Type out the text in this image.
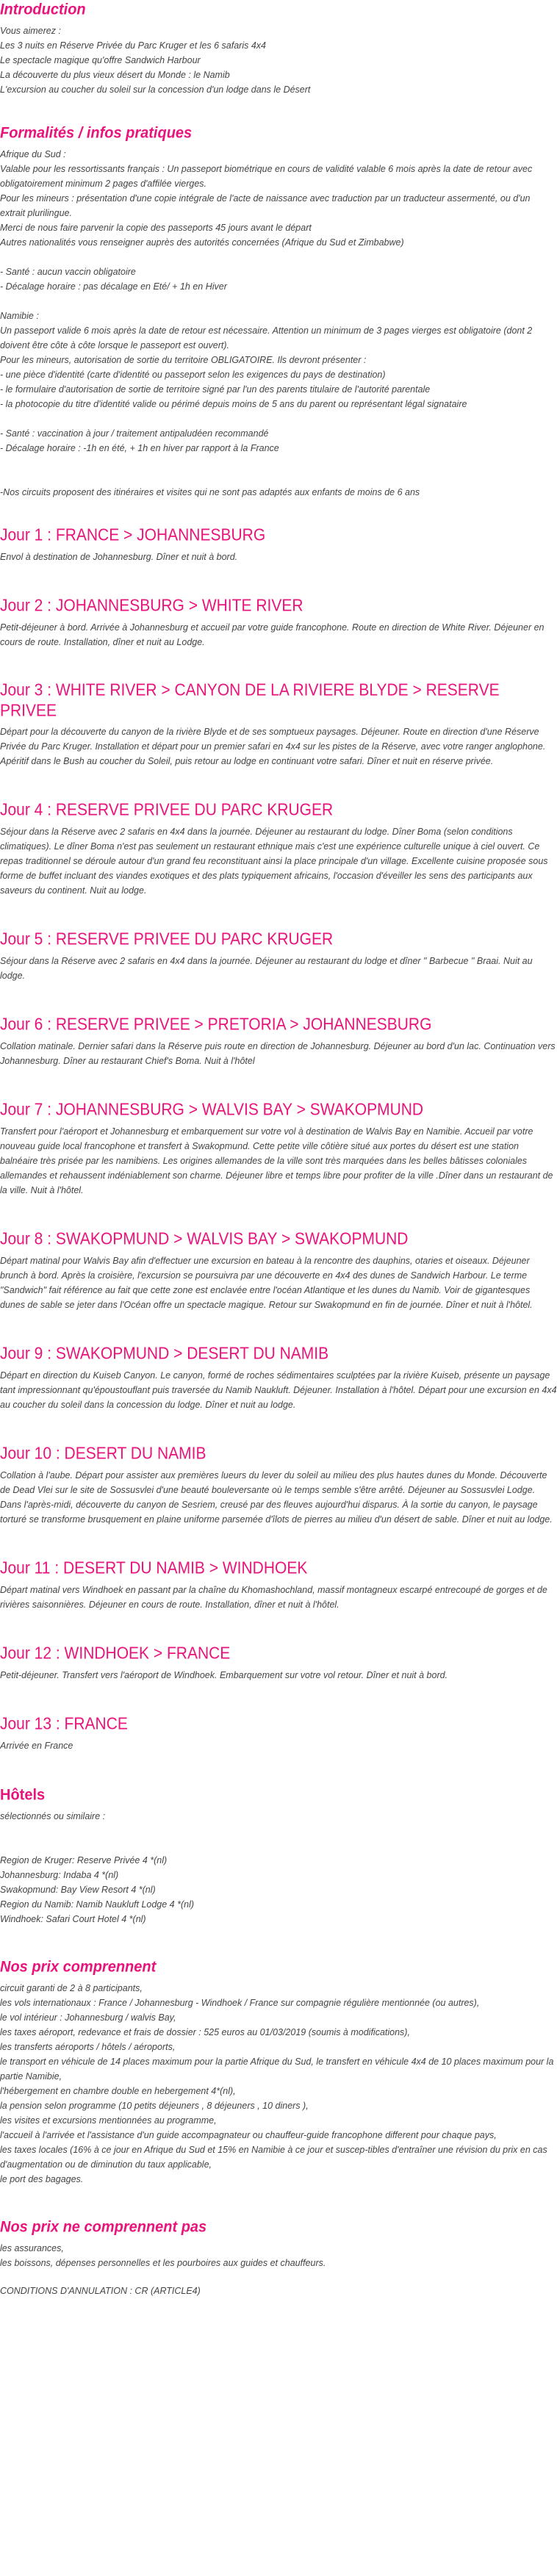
Introduction

Vous aimerez :

Les 3 nuits en Réserve Privée du Parc Kruger et les 6 safaris 4x4

Le spectacle magique qu'offre Sandwich Harbour

La découverte du plus vieux désert du Monde : le Namib

L'excursion au coucher du soleil sur la concession d'un lodge dans le Désert

Formalités / infos pratiques

Afrique du Sud :

Valable pour les ressortissants français : Un passeport biométrique en cours de validité valable 6 mois après la date de retour avec obligatoirement minimum 2 pages d'affilée vierges.

Pour les mineurs : présentation d'une copie intégrale de l'acte de naissance avec traduction par un traducteur assermenté, ou d'un extrait plurilingue.

Merci de nous faire parvenir la copie des passeports 45 jours avant le départ

Autres nationalités vous renseigner auprès des autorités concernées (Afrique du Sud et Zimbabwe)

- Santé : aucun vaccin obligatoire

- Décalage horaire : pas décalage en Eté/ + 1h en Hiver

Namibie :

Un passeport valide 6 mois après la date de retour est nécessaire. Attention un minimum de 3 pages vierges est obligatoire (dont 2 doivent être côte à côte lorsque le passeport est ouvert).

Pour les mineurs, autorisation de sortie du territoire OBLIGATOIRE. Ils devront présenter :

- une pièce d'identité (carte d'identité ou passeport selon les exigences du pays de destination)

- le formulaire d'autorisation de sortie de territoire signé par l'un des parents titulaire de l'autorité parentale

- la photocopie du titre d'identité valide ou périmé depuis moins de 5 ans du parent ou représentant légal signataire

- Santé : vaccination à jour / traitement antipaludéen recommandé

- Décalage horaire : -1h en été, + 1h en hiver par rapport à la France

-Nos circuits proposent des itinéraires et visites qui ne sont pas adaptés aux enfants de moins de 6 ans

Jour 1 : FRANCE > JOHANNESBURG

Envol à destination de Johannesburg. Dîner et nuit à bord.

Jour 2 : JOHANNESBURG > WHITE RIVER

Petit-déjeuner à bord. Arrivée à Johannesburg et accueil par votre guide francophone. Route en direction de White River. Déjeuner en cours de route. Installation, dîner et nuit au Lodge.

Jour 3 : WHITE RIVER > CANYON DE LA RIVIERE BLYDE > RESERVE PRIVEE

Départ pour la découverte du canyon de la rivière Blyde et de ses somptueux paysages. Déjeuner. Route en direction d'une Réserve Privée du Parc Kruger. Installation et départ pour un premier safari en 4x4 sur les pistes de la Réserve, avec votre ranger anglophone. Apéritif dans le Bush au coucher du Soleil, puis retour au lodge en continuant votre safari. Dîner et nuit en réserve privée.

Jour 4 : RESERVE PRIVEE DU PARC KRUGER

Séjour dans la Réserve avec 2 safaris en 4x4 dans la journée. Déjeuner au restaurant du lodge. Dîner Boma (selon conditions climatiques). Le dîner Boma n'est pas seulement un restaurant ethnique mais c'est une expérience culturelle unique à ciel ouvert. Ce repas traditionnel se déroule autour d'un grand feu reconstituant ainsi la place principale d'un village. Excellente cuisine proposée sous forme de buffet incluant des viandes exotiques et des plats typiquement africains, l'occasion d'éveiller les sens des participants aux saveurs du continent. Nuit au lodge.

Jour 5 : RESERVE PRIVEE DU PARC KRUGER

Séjour dans la Réserve avec 2 safaris en 4x4 dans la journée. Déjeuner au restaurant du lodge et dîner " Barbecue " Braai. Nuit au lodge.

Jour 6 : RESERVE PRIVEE > PRETORIA > JOHANNESBURG

Collation matinale. Dernier safari dans la Réserve puis route en direction de Johannesburg. Déjeuner au bord d'un lac. Continuation vers Johannesburg. Dîner au restaurant Chief's Boma. Nuit à l'hôtel

Jour 7 : JOHANNESBURG > WALVIS BAY > SWAKOPMUND

Transfert pour l'aéroport et Johannesburg et embarquement sur votre vol à destination de Walvis Bay en Namibie. Accueil par votre nouveau guide local francophone et transfert à Swakopmund. Cette petite ville côtière situé aux portes du désert est une station balnéaire très prisée par les namibiens. Les origines allemandes de la ville sont très marquées dans les belles bâtisses coloniales allemandes et rehaussent indéniablement son charme. Déjeuner libre et temps libre pour profiter de la ville .Dîner dans un restaurant de la ville. Nuit à l'hôtel.

Jour 8 : SWAKOPMUND > WALVIS BAY > SWAKOPMUND

Départ matinal pour Walvis Bay afin d'effectuer une excursion en bateau à la rencontre des dauphins, otaries et oiseaux. Déjeuner brunch à bord. Après la croisière, l'excursion se poursuivra par une découverte en 4x4 des dunes de Sandwich Harbour. Le terme "Sandwich" fait référence au fait que cette zone est enclavée entre l'océan Atlantique et les dunes du Namib. Voir de gigantesques dunes de sable se jeter dans l'Océan offre un spectacle magique. Retour sur Swakopmund en fin de journée. Dîner et nuit à l'hôtel.

Jour 9 : SWAKOPMUND > DESERT DU NAMIB

Départ en direction du Kuiseb Canyon. Le canyon, formé de roches sédimentaires sculptées par la rivière Kuiseb, présente un paysage tant impressionnant qu'époustouflant puis traversée du Namib Naukluft. Déjeuner. Installation à l'hôtel. Départ pour une excursion en 4x4 au coucher du soleil dans la concession du lodge. Dîner et nuit au lodge.

Jour 10 : DESERT DU NAMIB

Collation à l'aube. Départ pour assister aux premières lueurs du lever du soleil au milieu des plus hautes dunes du Monde. Découverte de Dead Vlei sur le site de Sossusvlei d'une beauté bouleversante où le temps semble s'être arrêté. Déjeuner au Sossusvlei Lodge. Dans l'après-midi, découverte du canyon de Sesriem, creusé par des fleuves aujourd'hui disparus. À la sortie du canyon, le paysage torturé se transforme brusquement en plaine uniforme parsemée d'îlots de pierres au milieu d'un désert de sable. Dîner et nuit au lodge.

Jour 11 : DESERT DU NAMIB > WINDHOEK

Départ matinal vers Windhoek en passant par la chaîne du Khomashochland, massif montagneux escarpé entrecoupé de gorges et de rivières saisonnières. Déjeuner en cours de route. Installation, dîner et nuit à l'hôtel.

Jour 12 : WINDHOEK > FRANCE

Petit-déjeuner. Transfert vers l'aéroport de Windhoek. Embarquement sur votre vol retour. Dîner et nuit à bord.

Jour 13 : FRANCE

Arrivée en France

Hôtels

sélectionnés ou similaire :

Region de Kruger: Reserve Privée 4 *(nl)

Johannesburg: Indaba 4 *(nl)

Swakopmund: Bay View Resort 4 *(nl)

Region du Namib: Namib Naukluft Lodge 4 *(nl)

Windhoek: Safari Court Hotel 4 *(nl)

Nos prix comprennent

circuit garanti de 2 à 8 participants,

les vols internationaux : France / Johannesburg - Windhoek / France sur compagnie régulière mentionnée (ou autres),

le vol intérieur : Johannesburg / walvis Bay,

les taxes aéroport, redevance et frais de dossier : 525 euros au 01/03/2019 (soumis à modifications),

les transferts aéroports / hôtels / aéroports,

le transport en véhicule de 14 places maximum pour la partie Afrique du Sud, le transfert en véhicule 4x4 de 10 places maximum pour la partie Namibie,

l'hébergement en chambre double en hebergement 4*(nl),

la pension selon programme (10 petits déjeuners , 8 déjeuners , 10 diners ),

les visites et excursions mentionnées au programme,

l'accueil à l'arrivée et l'assistance d'un guide accompagnateur ou chauffeur-guide francophone different pour chaque pays,

les taxes locales (16% à ce jour en Afrique du Sud et 15% en Namibie à ce jour et suscep-tibles d'entraîner une révision du prix en cas d'augmentation ou de diminution du taux applicable,

le port des bagages.

Nos prix ne comprennent pas

les assurances,

les boissons, dépenses personnelles et les pourboires aux guides et chauffeurs.

CONDITIONS D'ANNULATION : CR (ARTICLE4)
